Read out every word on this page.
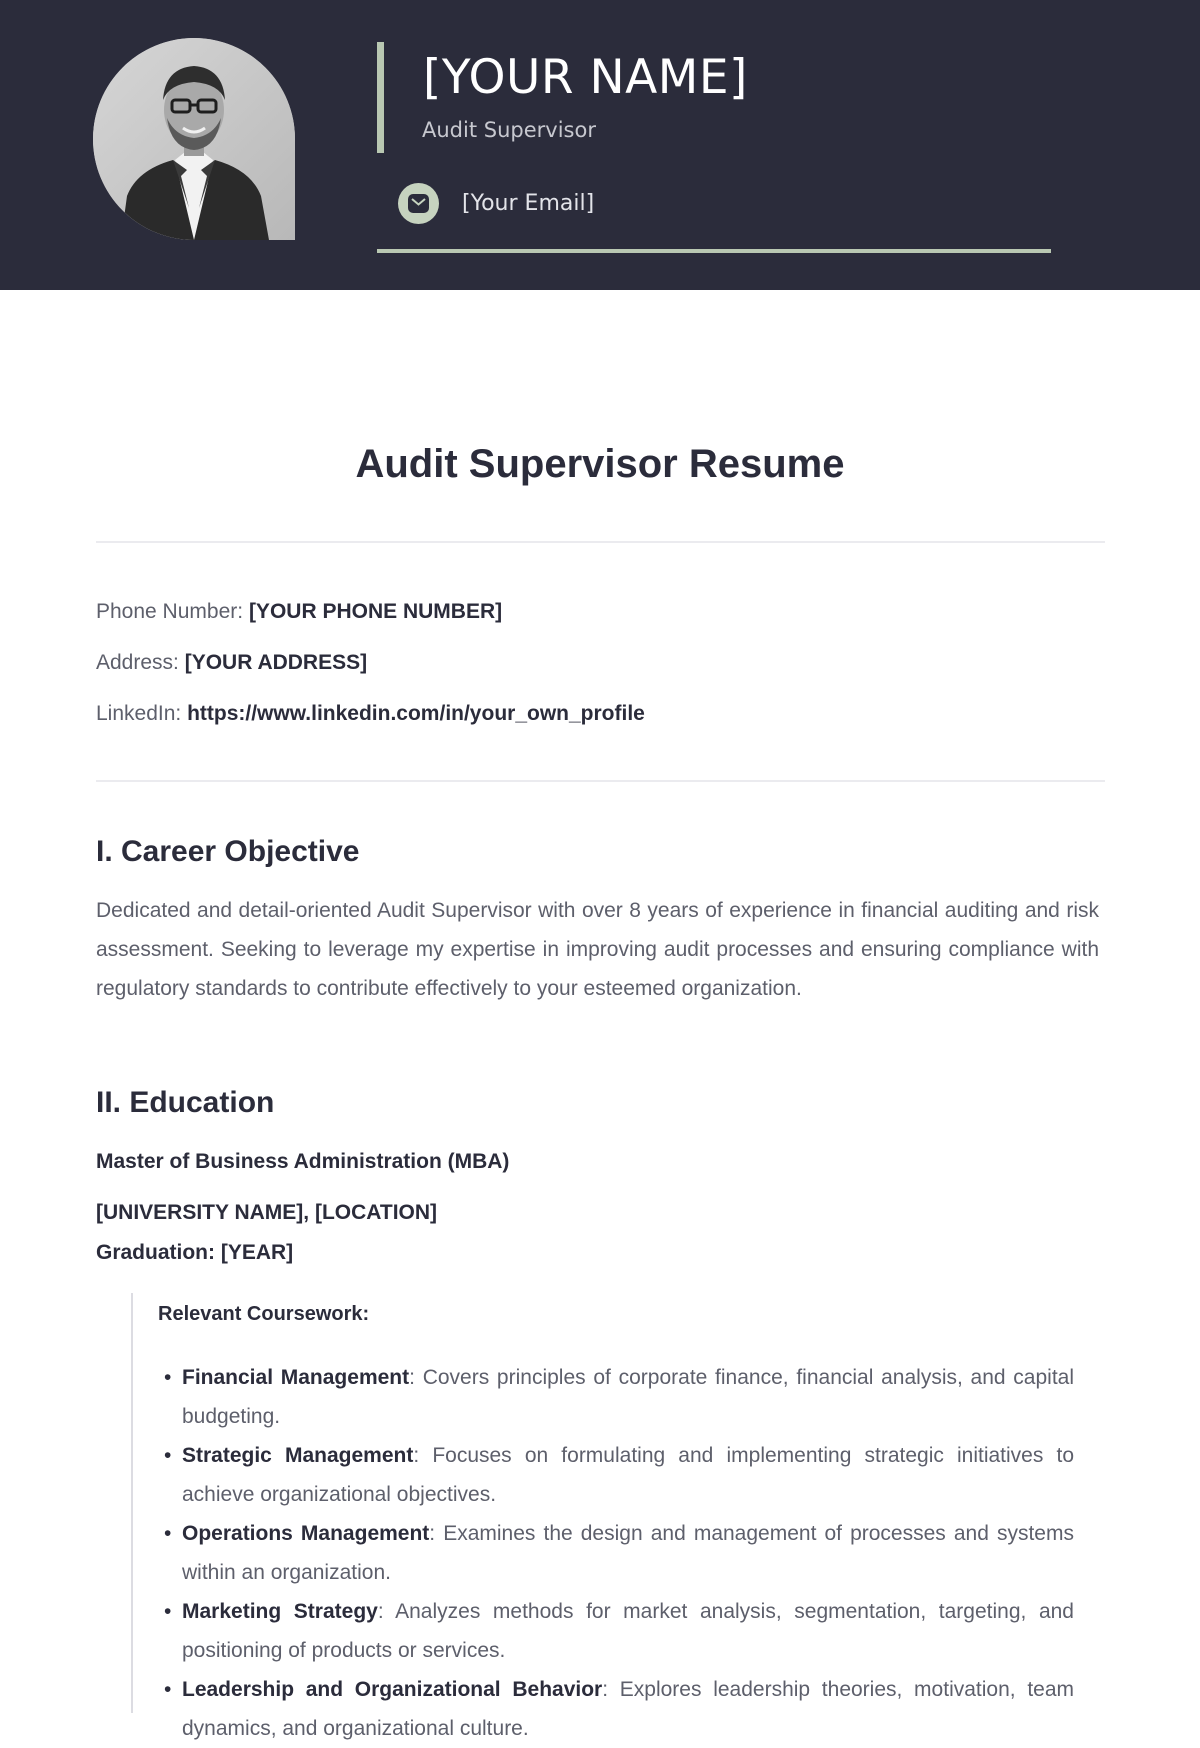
[YOUR NAME]
Audit Supervisor
[Your Email]
Audit Supervisor Resume
Phone Number: [YOUR PHONE NUMBER]
Address: [YOUR ADDRESS]
LinkedIn: https://www.linkedin.com/in/your_own_profile
I. Career Objective

Dedicated and detail-oriented Audit Supervisor with over 8 years of experience in financial auditing and risk assessment. Seeking to leverage my expertise in improving audit processes and ensuring compliance with regulatory standards to contribute effectively to your esteemed organization.

II. Education
Master of Business Administration (MBA)
[UNIVERSITY NAME], [LOCATION]
Graduation: [YEAR]
Relevant Coursework:
• Financial Management: Covers principles of corporate finance, financial analysis, and capital budgeting.
• Strategic Management: Focuses on formulating and implementing strategic initiatives to achieve organizational objectives.
• Operations Management: Examines the design and management of processes and systems within an organization.
• Marketing Strategy: Analyzes methods for market analysis, segmentation, targeting, and positioning of products or services.
• Leadership and Organizational Behavior: Explores leadership theories, motivation, team dynamics, and organizational culture.
